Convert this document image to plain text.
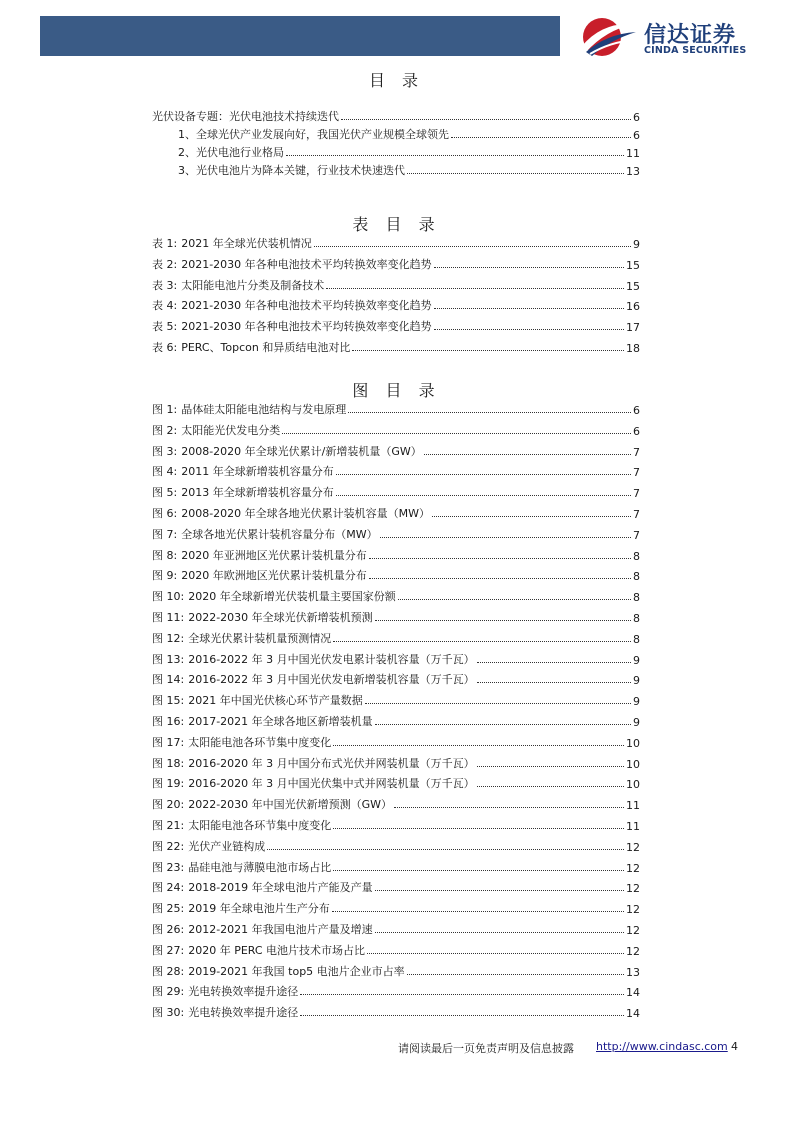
信达证券
CINDA SECURITIES
目 录
光伏设备专题：光伏电池技术持续迭代	6
1、全球光伏产业发展向好，我国光伏产业规模全球领先	6
2、光伏电池行业格局	11
3、光伏电池片为降本关键，行业技术快速迭代	13
表 目 录
表 1: 2021 年全球光伏装机情况	9
表 2: 2021-2030 年各种电池技术平均转换效率变化趋势	15
表 3: 太阳能电池片分类及制备技术	15
表 4: 2021-2030 年各种电池技术平均转换效率变化趋势	16
表 5: 2021-2030 年各种电池技术平均转换效率变化趋势	17
表 6: PERC、Topcon 和异质结电池对比	18
图 目 录
图 1: 晶体硅太阳能电池结构与发电原理	6
图 2: 太阳能光伏发电分类	6
图 3: 2008-2020 年全球光伏累计/新增装机量（GW）	7
图 4: 2011 年全球新增装机容量分布	7
图 5: 2013 年全球新增装机容量分布	7
图 6: 2008-2020 年全球各地光伏累计装机容量（MW）	7
图 7: 全球各地光伏累计装机容量分布（MW）	7
图 8: 2020 年亚洲地区光伏累计装机量分布	8
图 9: 2020 年欧洲地区光伏累计装机量分布	8
图 10: 2020 年全球新增光伏装机量主要国家份额	8
图 11: 2022-2030 年全球光伏新增装机预测	8
图 12: 全球光伏累计装机量预测情况	8
图 13: 2016-2022 年 3 月中国光伏发电累计装机容量（万千瓦）	9
图 14: 2016-2022 年 3 月中国光伏发电新增装机容量（万千瓦）	9
图 15: 2021 年中国光伏核心环节产量数据	9
图 16: 2017-2021 年全球各地区新增装机量	9
图 17: 太阳能电池各环节集中度变化	10
图 18: 2016-2020 年 3 月中国分布式光伏并网装机量（万千瓦）	10
图 19: 2016-2020 年 3 月中国光伏集中式并网装机量（万千瓦）	10
图 20: 2022-2030 年中国光伏新增预测（GW）	11
图 21: 太阳能电池各环节集中度变化	11
图 22: 光伏产业链构成	12
图 23: 晶硅电池与薄膜电池市场占比	12
图 24: 2018-2019 年全球电池片产能及产量	12
图 25: 2019 年全球电池片生产分布	12
图 26: 2012-2021 年我国电池片产量及增速	12
图 27: 2020 年 PERC 电池片技术市场占比	12
图 28: 2019-2021 年我国 top5 电池片企业市占率	13
图 29: 光电转换效率提升途径	14
图 30: 光电转换效率提升途径	14
请阅读最后一页免责声明及信息披露 http://www.cindasc.com 4
